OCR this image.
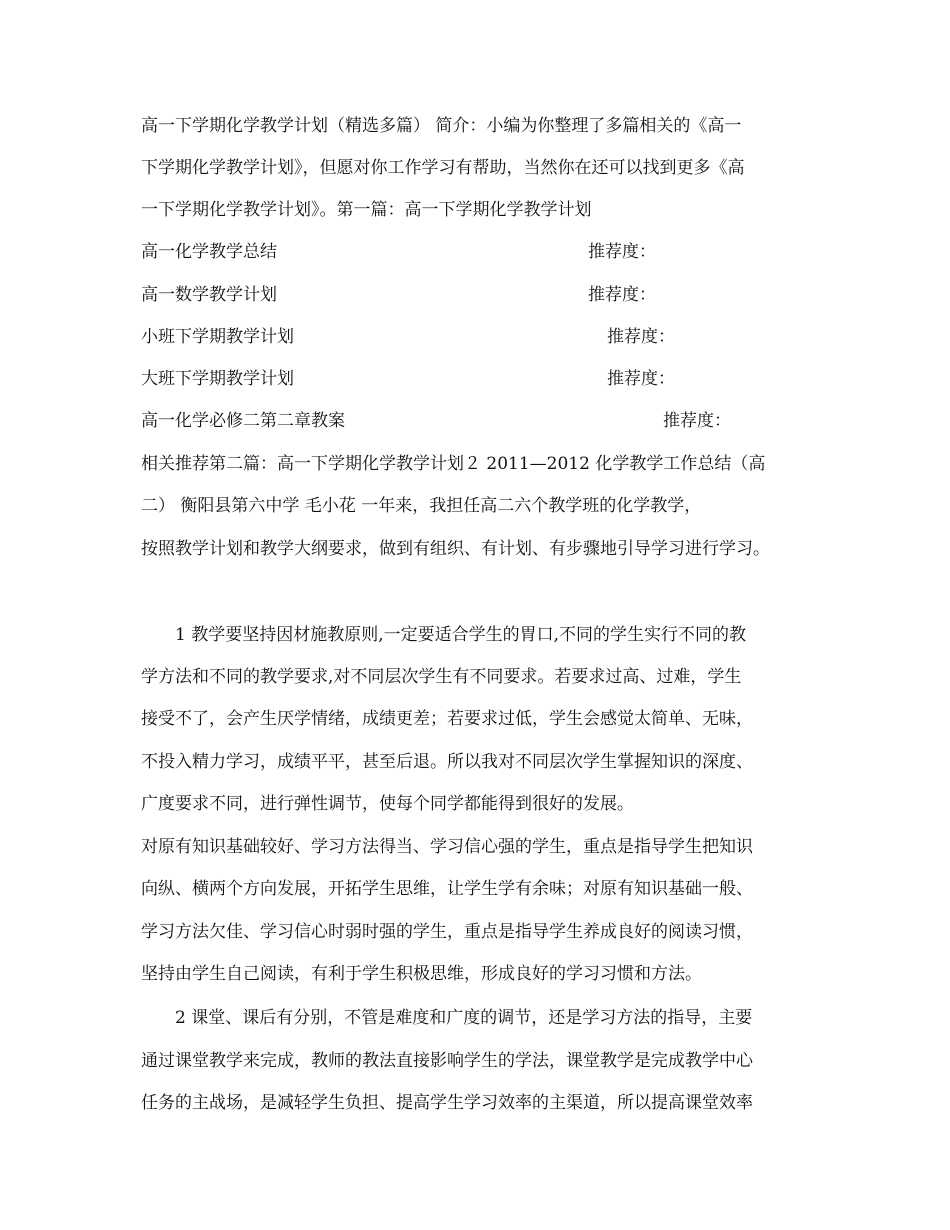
高一下学期化学教学计划（精选多篇） 简介：小编为你整理了多篇相关的《高一
下学期化学教学计划》，但愿对你工作学习有帮助，当然你在还可以找到更多《高
一下学期化学教学计划》。第一篇：高一下学期化学教学计划
高一化学教学总结	推荐度：
高一数学教学计划	推荐度：
小班下学期教学计划	推荐度：
大班下学期教学计划	推荐度：
高一化学必修二第二章教案	推荐度：
相关推荐第二篇：高一下学期化学教学计划２ 2011—2012 化学教学工作总结（高
二） 衡阳县第六中学 毛小花 一年来，我担任高二六个教学班的化学教学，
按照教学计划和教学大纲要求，做到有组织、有计划、有步骤地引导学习进行学习。
1 教学要坚持因材施教原则,一定要适合学生的胃口,不同的学生实行不同的教
学方法和不同的教学要求,对不同层次学生有不同要求。若要求过高、过难，学生
接受不了，会产生厌学情绪，成绩更差；若要求过低，学生会感觉太简单、无味，
不投入精力学习，成绩平平，甚至后退。所以我对不同层次学生掌握知识的深度、
广度要求不同，进行弹性调节，使每个同学都能得到很好的发展。
对原有知识基础较好、学习方法得当、学习信心强的学生，重点是指导学生把知识
向纵、横两个方向发展，开拓学生思维，让学生学有余味；对原有知识基础一般、
学习方法欠佳、学习信心时弱时强的学生，重点是指导学生养成良好的阅读习惯，
坚持由学生自己阅读，有利于学生积极思维，形成良好的学习习惯和方法。
2 课堂、课后有分别，不管是难度和广度的调节，还是学习方法的指导，主要
通过课堂教学来完成，教师的教法直接影响学生的学法，课堂教学是完成教学中心
任务的主战场，是减轻学生负担、提高学生学习效率的主渠道，所以提高课堂效率
